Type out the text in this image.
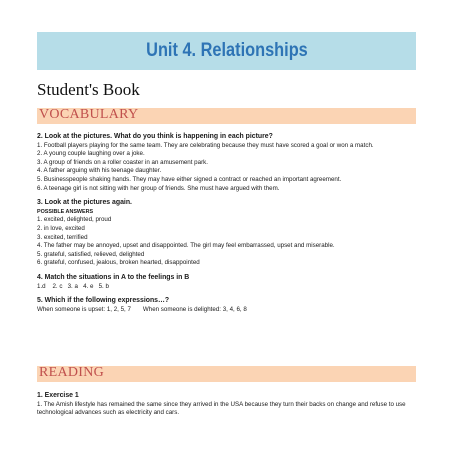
Unit 4. Relationships
Student's Book
VOCABULARY

2. Look at the pictures. What do you think is happening in each picture?

1. Football players playing for the same team. They are celebrating because they must have scored a goal or won a match.

2. A young couple laughing over a joke.

3. A group of friends on a roller coaster in an amusement park.

4. A father arguing with his teenage daughter.

5. Businesspeople shaking hands. They may have either signed a contract or reached an important agreement.

6. A teenage girl is not sitting with her group of friends. She must have argued with them.

3. Look at the pictures again.

POSSIBLE ANSWERS

1. excited, delighted, proud

2. in love, excited

3. excited, terrified

4. The father may be annoyed, upset and disappointed. The girl may feel embarrassed, upset and miserable.

5. grateful, satisfied, relieved, delighted

6. grateful, confused, jealous, broken hearted, disappointed

4. Match the situations in A to the feelings in B

1.d    2. c   3. a   4. e   5. b

5. Which if the following expressions…?

When someone is upset: 1, 2, 5, 7 When someone is delighted: 3, 4, 6, 8
READING

1. Exercise 1

1. The Amish lifestyle has remained the same since they arrived in the USA because they turn their backs on change and refuse to use technological advances such as electricity and cars.
